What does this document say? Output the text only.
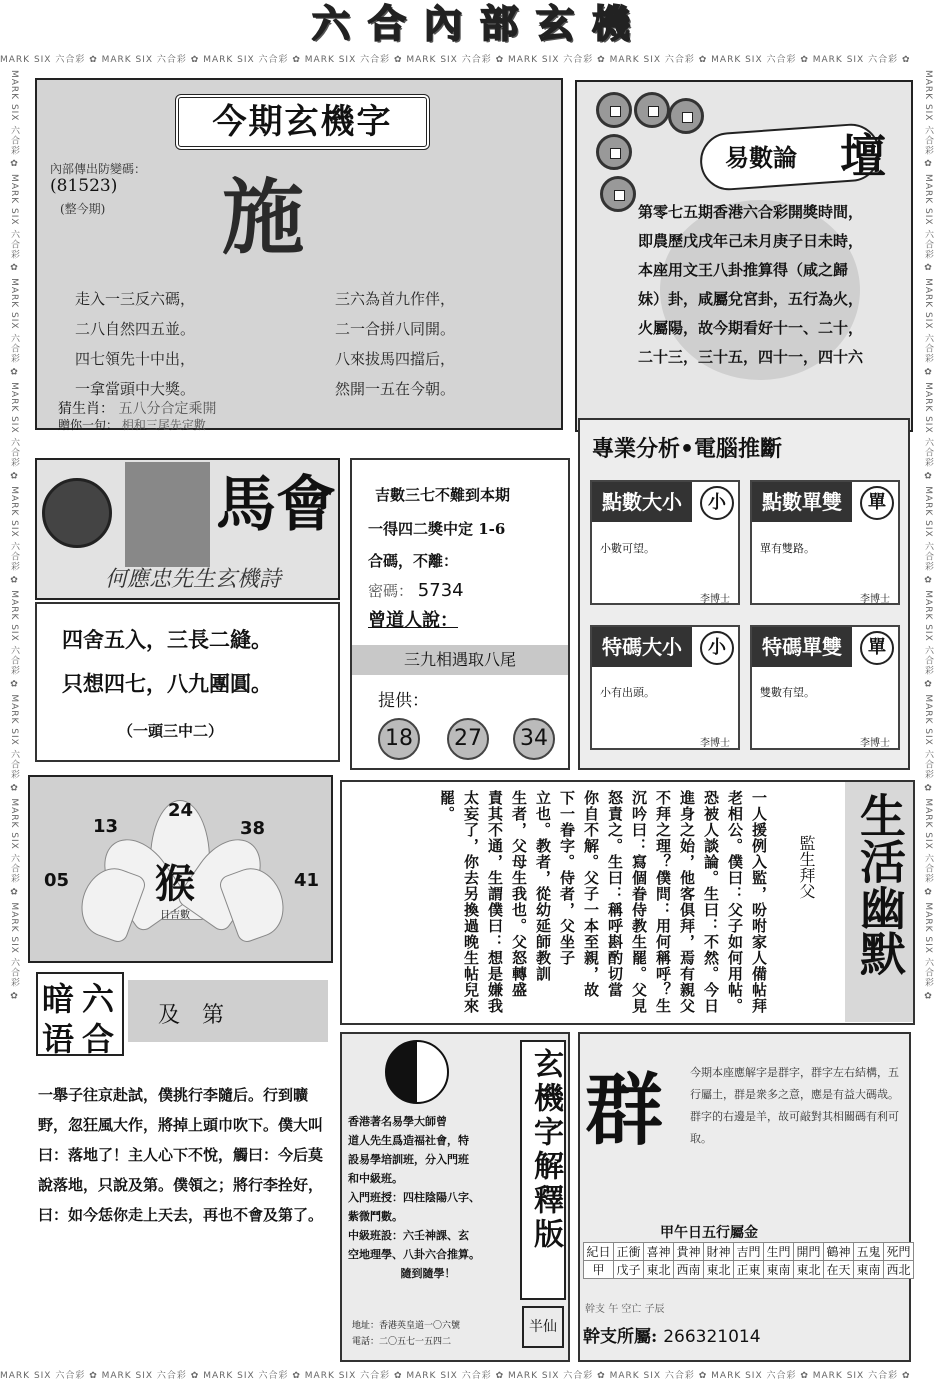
MARK SIX 六合彩 ✿ MARK SIX 六合彩 ✿ MARK SIX 六合彩 ✿ MARK SIX 六合彩 ✿ MARK SIX 六合彩 ✿ MARK SIX 六合彩 ✿ MARK SIX 六合彩 ✿ MARK SIX 六合彩 ✿ MARK SIX 六合彩 ✿
MARK SIX 六合彩 ✿ MARK SIX 六合彩 ✿ MARK SIX 六合彩 ✿ MARK SIX 六合彩 ✿ MARK SIX 六合彩 ✿ MARK SIX 六合彩 ✿ MARK SIX 六合彩 ✿ MARK SIX 六合彩 ✿ MARK SIX 六合彩 ✿
MARK SIX 六合彩 ✿ MARK SIX 六合彩 ✿ MARK SIX 六合彩 ✿ MARK SIX 六合彩 ✿ MARK SIX 六合彩 ✿ MARK SIX 六合彩 ✿ MARK SIX 六合彩 ✿ MARK SIX 六合彩 ✿ MARK SIX 六合彩 ✿	MARK SIX 六合彩 ✿ MARK SIX 六合彩 ✿ MARK SIX 六合彩 ✿ MARK SIX 六合彩 ✿ MARK SIX 六合彩 ✿ MARK SIX 六合彩 ✿ MARK SIX 六合彩 ✿ MARK SIX 六合彩 ✿ MARK SIX 六合彩 ✿
六合內部玄機
今期玄機字
內部傳出防變碼：
(81523)
(整今期) 施
走入一三反六碼，
二八自然四五並。
四七領先十中出，
一拿當頭中大獎。
三六為首九作伴，
二一合拼八同開。
八來拔馬四擋后，
然開一五在今朝。
猜生肖： 五八分合定乘開
贈你一句： 相和三尾先定數
易數論 壇
第零七五期香港六合彩開獎時間，
即農歷戊戌年己未月庚子日未時，
本座用文王八卦推算得（咸之歸
妹）卦，咸屬兌宮卦，五行為火，
火屬陽，故今期看好十一、二十，
二十三，三十五，四十一，四十六
馬會
何應忠先生玄機詩
四舍五入，三長二縫。
只想四七，八九團圓。
（一頭三中二）
吉數三七不難到本期
一得四二獎中定 1-6
合碼，不離：
密碼： 5734
曾道人說：
三九相遇取八尾
提供：
18	27	34
專業分析•電腦推斷
點數大小	小
小數可望。
李博士
點數單雙	單
單有雙路。
李博士
特碼大小	小
小有出頭。
李博士
特碼單雙	單
雙數有望。
李博士
猴
日吉數
24
13	38
05	41	生活幽默
監生拜父
一人援例入監，吩咐家人備帖拜
老相公。僕曰：父子如何用帖。
恐被人談論。生曰：不然。今日
進身之始，他客俱拜，焉有親父
不拜之理？僕問：用何稱呼？生
沉吟曰：寫個眷侍教生罷。父見
怒責之。生曰：稱呼斟酌切當
你自不解。父子一本至親，故
下一眷字。侍者，父坐子
立也。教者，從幼延師教訓
生者，父母生我也。父怒轉盛
責其不通，生謂僕曰：想是嫌我
太妄了，你去另換過晚生帖兒來
罷。
暗 六
语 合
及　第
一舉子往京赴試，僕挑行李隨后。行到曠野，忽狂風大作，將掉上頭巾吹下。僕大叫曰：落地了！主人心下不悅，觸曰：今后莫說落地，只說及第。僕領之；將行李拴好，曰：如今恁你走上天去，再也不會及第了。
香港著名易學大師曾
道人先生爲造福社會，特
設易學培訓班，分入門班
和中級班。
入門班授：四柱陰陽八字、
紫微鬥數。
中級班設：六壬神課、玄
空地理學、八卦六合推算。
隨到隨學！
地址：香港英皇道一〇六號
電話：二〇五七一五四二
玄機字解釋版
半仙
群 今期本座應解字是群字，群字左右結構，五行屬土，群是衆多之意，應是有益大碼哉。群字的右邊是羊，故可敲對其相關碼有利可取。
甲午日五行屬金
紀日	正衝	喜神	貴神	財神	吉門	生門	開門	鶴神	五鬼	死門
甲	戊子	東北	西南	東北	正東	東南	東北	在天	東南	西北
幹支 午 空亡 子辰
幹支所屬: 266321014
